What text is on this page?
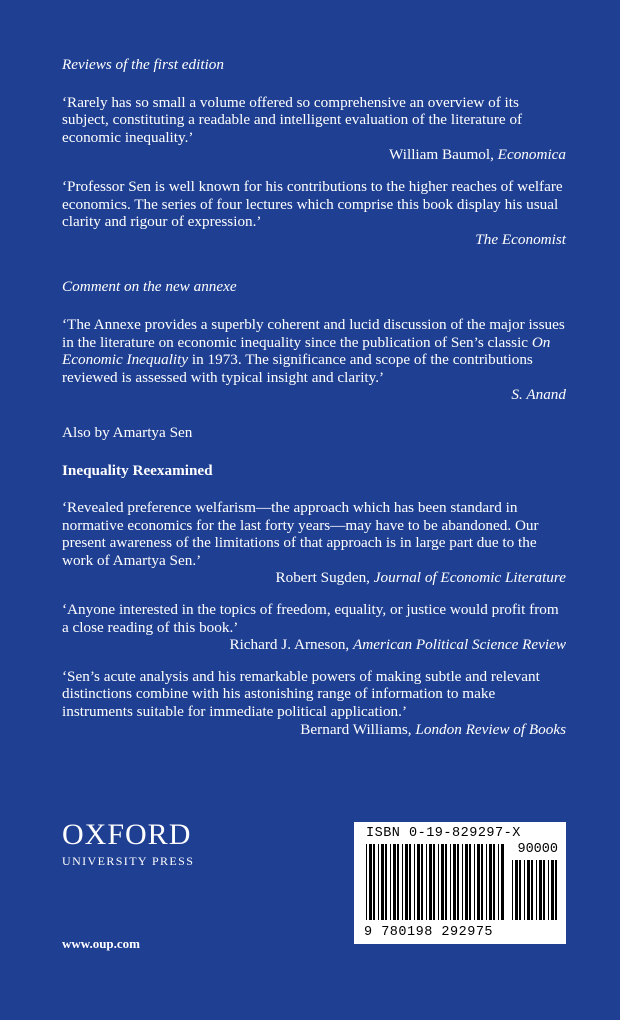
Reviews of the first edition

‘Rarely has so small a volume offered so comprehensive an overview of its subject, constituting a readable and intelligent evaluation of the literature of economic inequality.’

William Baumol, Economica

‘Professor Sen is well known for his contributions to the higher reaches of welfare economics. The series of four lectures which comprise this book display his usual clarity and rigour of expression.’

The Economist

Comment on the new annexe

‘The Annexe provides a superbly coherent and lucid discussion of the major issues in the literature on economic inequality since the publication of Sen’s classic On Economic Inequality in 1973. The significance and scope of the contributions reviewed is assessed with typical insight and clarity.’

S. Anand

Also by Amartya Sen

Inequality Reexamined

‘Revealed preference welfarism—the approach which has been standard in normative economics for the last forty years—may have to be abandoned. Our present awareness of the limitations of that approach is in large part due to the work of Amartya Sen.’

Robert Sugden, Journal of Economic Literature

‘Anyone interested in the topics of freedom, equality, or justice would profit from a close reading of this book.’

Richard J. Arneson, American Political Science Review

‘Sen’s acute analysis and his remarkable powers of making subtle and relevant distinctions combine with his astonishing range of information to make instruments suitable for immediate political application.’

Bernard Williams, London Review of Books

OXFORD
UNIVERSITY PRESS
www.oup.com
ISBN 0-19-829297-X
90000
9 780198 292975
